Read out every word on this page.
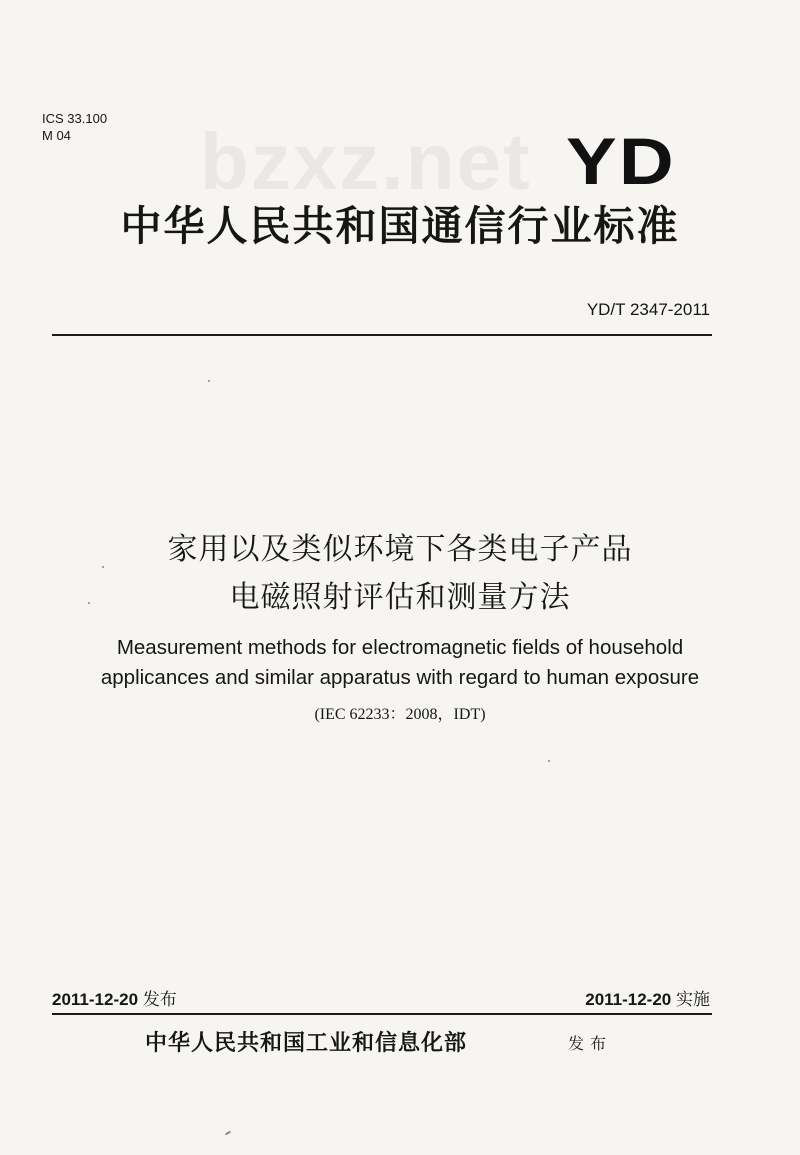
ICS 33.100
M 04	bzxz.net YD
中华人民共和国通信行业标准
YD/T 2347-2011
家用以及类似环境下各类电子产品
电磁照射评估和测量方法
Measurement methods for electromagnetic fields of household
applicances and similar apparatus with regard to human exposure
(IEC 62233：2008，IDT)
2011-12-20 发布	2011-12-20 实施
中华人民共和国工业和信息化部	发布
